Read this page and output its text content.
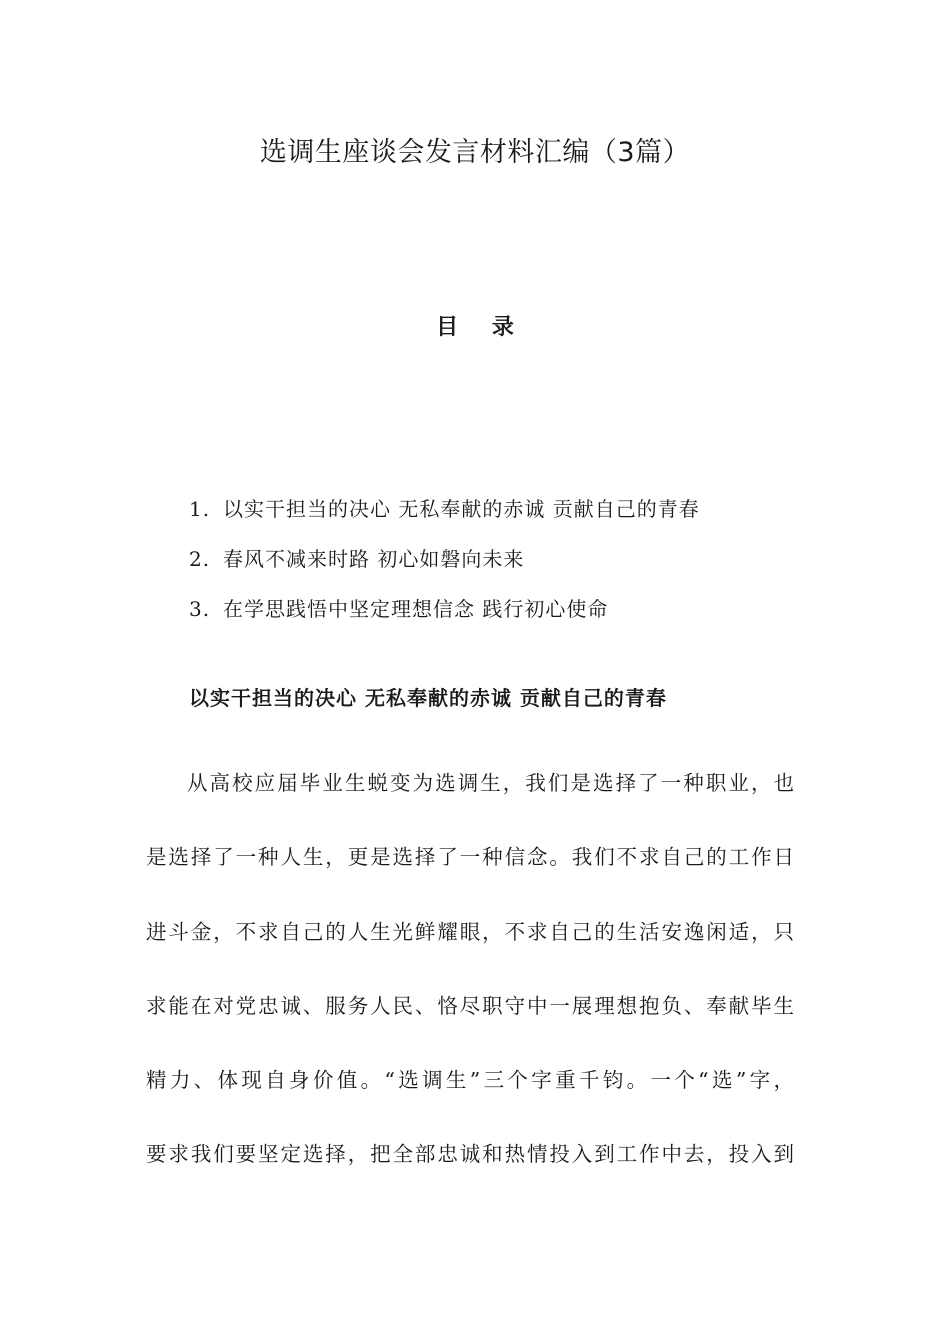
选调生座谈会发言材料汇编（3篇）
目 录
1. 以实干担当的决心 无私奉献的赤诚 贡献自己的青春
2. 春风不减来时路 初心如磐向未来
3. 在学思践悟中坚定理想信念 践行初心使命
以实干担当的决心 无私奉献的赤诚 贡献自己的青春
从高校应届毕业生蜕变为选调生，我们是选择了一种职业，也
是选择了一种人生，更是选择了一种信念。我们不求自己的工作日
进斗金，不求自己的人生光鲜耀眼，不求自己的生活安逸闲适，只
求能在对党忠诚、服务人民、恪尽职守中一展理想抱负、奉献毕生
精力、体现自身价值。“选调生”三个字重千钧。一个“选”字，
要求我们要坚定选择，把全部忠诚和热情投入到工作中去，投入到
